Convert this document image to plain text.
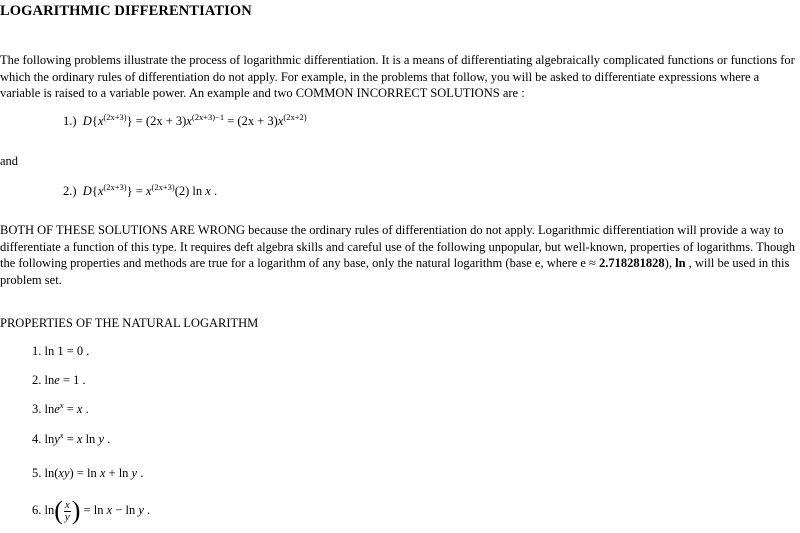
LOGARITHMIC DIFFERENTIATION

The following problems illustrate the process of logarithmic differentiation. It is a means of differentiating algebraically complicated functions or functions for which the ordinary rules of differentiation do not apply. For example, in the problems that follow, you will be asked to differentiate expressions where a variable is raised to a variable power. An example and two COMMON INCORRECT SOLUTIONS are :

1.) $D\{x^{(2x+3)}\} = (2x + 3)x^{(2x+3)-1} = (2x + 3)x^{(2x+2)}$

and

2.) $D\{x^{(2x+3)}\} = x^{(2x+3)}(2)$ ln x .

BOTH OF THESE SOLUTIONS ARE WRONG because the ordinary rules of differentiation do not apply. Logarithmic differentiation will provide a way to differentiate a function of this type. It requires deft algebra skills and careful use of the following unpopular, but well-known, properties of logarithms. Though the following properties and methods are true for a logarithm of any base, only the natural logarithm (base e, where e ≈ 2.718281828), ln , will be used in this problem set.

PROPERTIES OF THE NATURAL LOGARITHM
1. ln 1 = 0 .
2. lne = 1 .
3. lne$^x$ = x .
4. lny$^x$ = x ln y .
5. ln(xy) = ln x + ln y .
6. $\ln( \frac{x}{y}$ ) = ln x − ln y .
